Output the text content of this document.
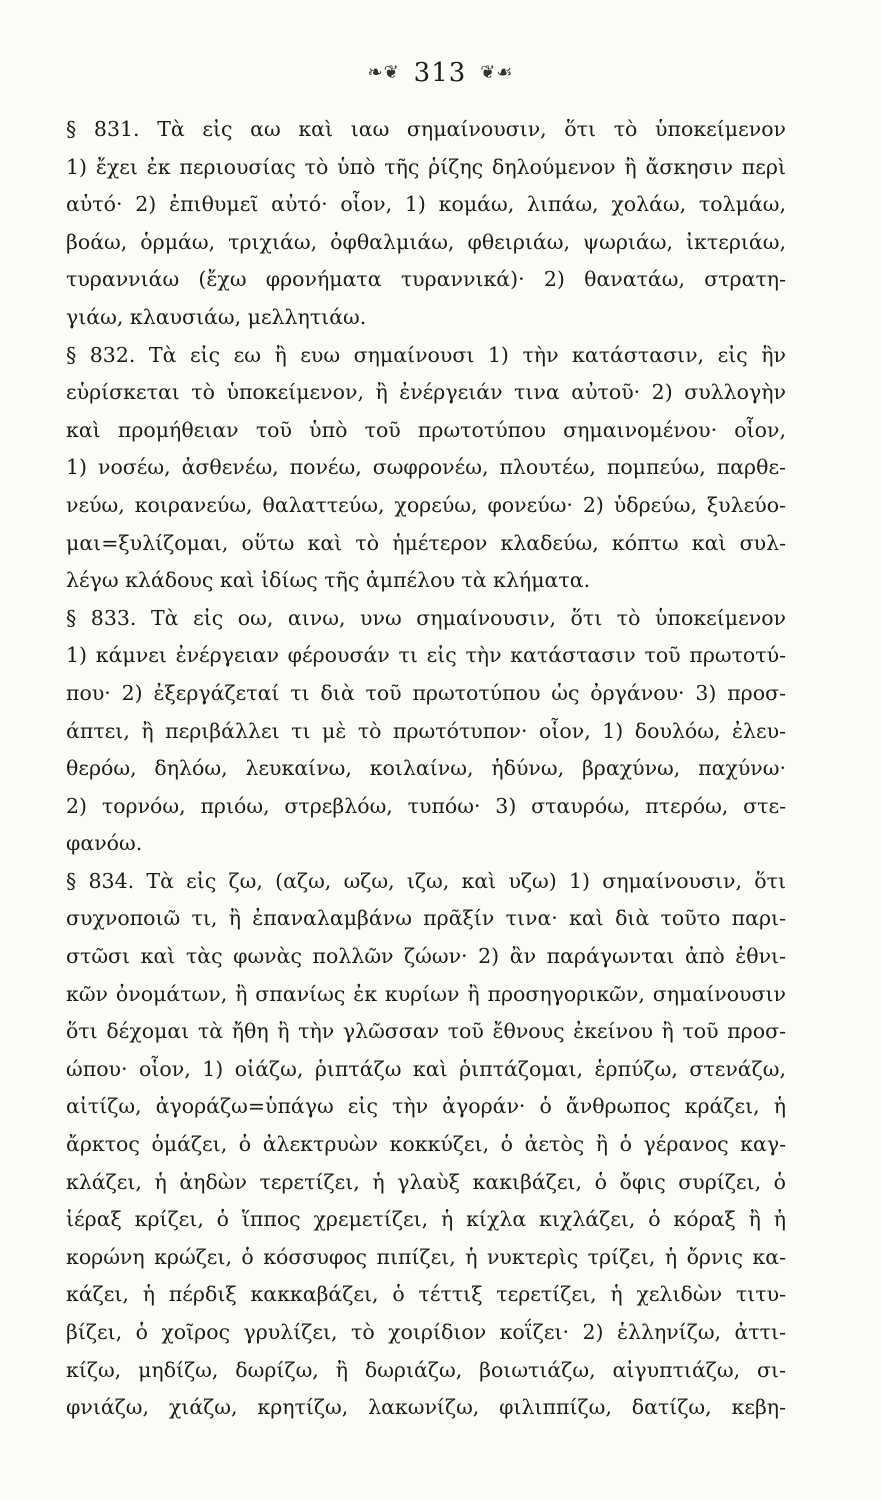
❧❦ 313 ❦☙
§ 831. Τὰ εἰς αω καὶ ιαω σημαίνουσιν, ὅτι τὸ ὑποκείμενον
1) ἔχει ἐκ περιουσίας τὸ ὑπὸ τῆς ῥίζης δηλούμενον ἢ ἄσκησιν περὶ
αὐτό· 2) ἐπιθυμεῖ αὐτό· οἷον, 1) κομάω, λιπάω, χολάω, τολμάω,
βοάω, ὁρμάω, τριχιάω, ὀφθαλμιάω, φθειριάω, ψωριάω, ἰκτεριάω,
τυραννιάω (ἔχω φρονήματα τυραννικά)· 2) θανατάω, στρατη-
γιάω, κλαυσιάω, μελλητιάω.
§ 832. Τὰ εἰς εω ἢ ευω σημαίνουσι 1) τὴν κατάστασιν, εἰς ἣν
εὑρίσκεται τὸ ὑποκείμενον, ἢ ἐνέργειάν τινα αὐτοῦ· 2) συλλογὴν
καὶ προμήθειαν τοῦ ὑπὸ τοῦ πρωτοτύπου σημαινομένου· οἷον,
1) νοσέω, ἀσθενέω, πονέω, σωφρονέω, πλουτέω, πομπεύω, παρθε-
νεύω, κοιρανεύω, θαλαττεύω, χορεύω, φονεύω· 2) ὑδρεύω, ξυλεύο-
μαι=ξυλίζομαι, οὕτω καὶ τὸ ἡμέτερον κλαδεύω, κόπτω καὶ συλ-
λέγω κλάδους καὶ ἰδίως τῆς ἀμπέλου τὰ κλήματα.
§ 833. Τὰ εἰς οω, αινω, υνω σημαίνουσιν, ὅτι τὸ ὑποκείμενον
1) κάμνει ἐνέργειαν φέρουσάν τι εἰς τὴν κατάστασιν τοῦ πρωτοτύ-
που· 2) ἐξεργάζεταί τι διὰ τοῦ πρωτοτύπου ὡς ὀργάνου· 3) προσ-
άπτει, ἢ περιβάλλει τι μὲ τὸ πρωτότυπον· οἷον, 1) δουλόω, ἐλευ-
θερόω, δηλόω, λευκαίνω, κοιλαίνω, ἡδύνω, βραχύνω, παχύνω·
2) τορνόω, πριόω, στρεβλόω, τυπόω· 3) σταυρόω, πτερόω, στε-
φανόω.
§ 834. Τὰ εἰς ζω, (αζω, ωζω, ιζω, καὶ υζω) 1) σημαίνουσιν, ὅτι
συχνοποιῶ τι, ἢ ἐπαναλαμβάνω πρᾶξίν τινα· καὶ διὰ τοῦτο παρι-
στῶσι καὶ τὰς φωνὰς πολλῶν ζώων· 2) ἂν παράγωνται ἀπὸ ἐθνι-
κῶν ὀνομάτων, ἢ σπανίως ἐκ κυρίων ἢ προσηγορικῶν, σημαίνουσιν
ὅτι δέχομαι τὰ ἤθη ἢ τὴν γλῶσσαν τοῦ ἔθνους ἐκείνου ἢ τοῦ προσ-
ώπου· οἷον, 1) οἰάζω, ῥιπτάζω καὶ ῥιπτάζομαι, ἑρπύζω, στενάζω,
αἰτίζω, ἀγοράζω=ὑπάγω εἰς τὴν ἀγοράν· ὁ ἄνθρωπος κράζει, ἡ
ἄρκτος ὁμάζει, ὁ ἀλεκτρυὼν κοκκύζει, ὁ ἀετὸς ἢ ὁ γέρανος καγ-
κλάζει, ἡ ἀηδὼν τερετίζει, ἡ γλαὺξ κακιβάζει, ὁ ὄφις συρίζει, ὁ
ἱέραξ κρίζει, ὁ ἵππος χρεμετίζει, ἡ κίχλα κιχλάζει, ὁ κόραξ ἢ ἡ
κορώνη κρώζει, ὁ κόσσυφος πιπίζει, ἡ νυκτερὶς τρίζει, ἡ ὄρνις κα-
κάζει, ἡ πέρδιξ κακκαβάζει, ὁ τέττιξ τερετίζει, ἡ χελιδὼν τιτυ-
βίζει, ὁ χοῖρος γρυλίζει, τὸ χοιρίδιον κοΐζει· 2) ἑλληνίζω, ἀττι-
κίζω, μηδίζω, δωρίζω, ἢ δωριάζω, βοιωτιάζω, αἰγυπτιάζω, σι-
φνιάζω, χιάζω, κρητίζω, λακωνίζω, φιλιππίζω, δατίζω, κεβη-
